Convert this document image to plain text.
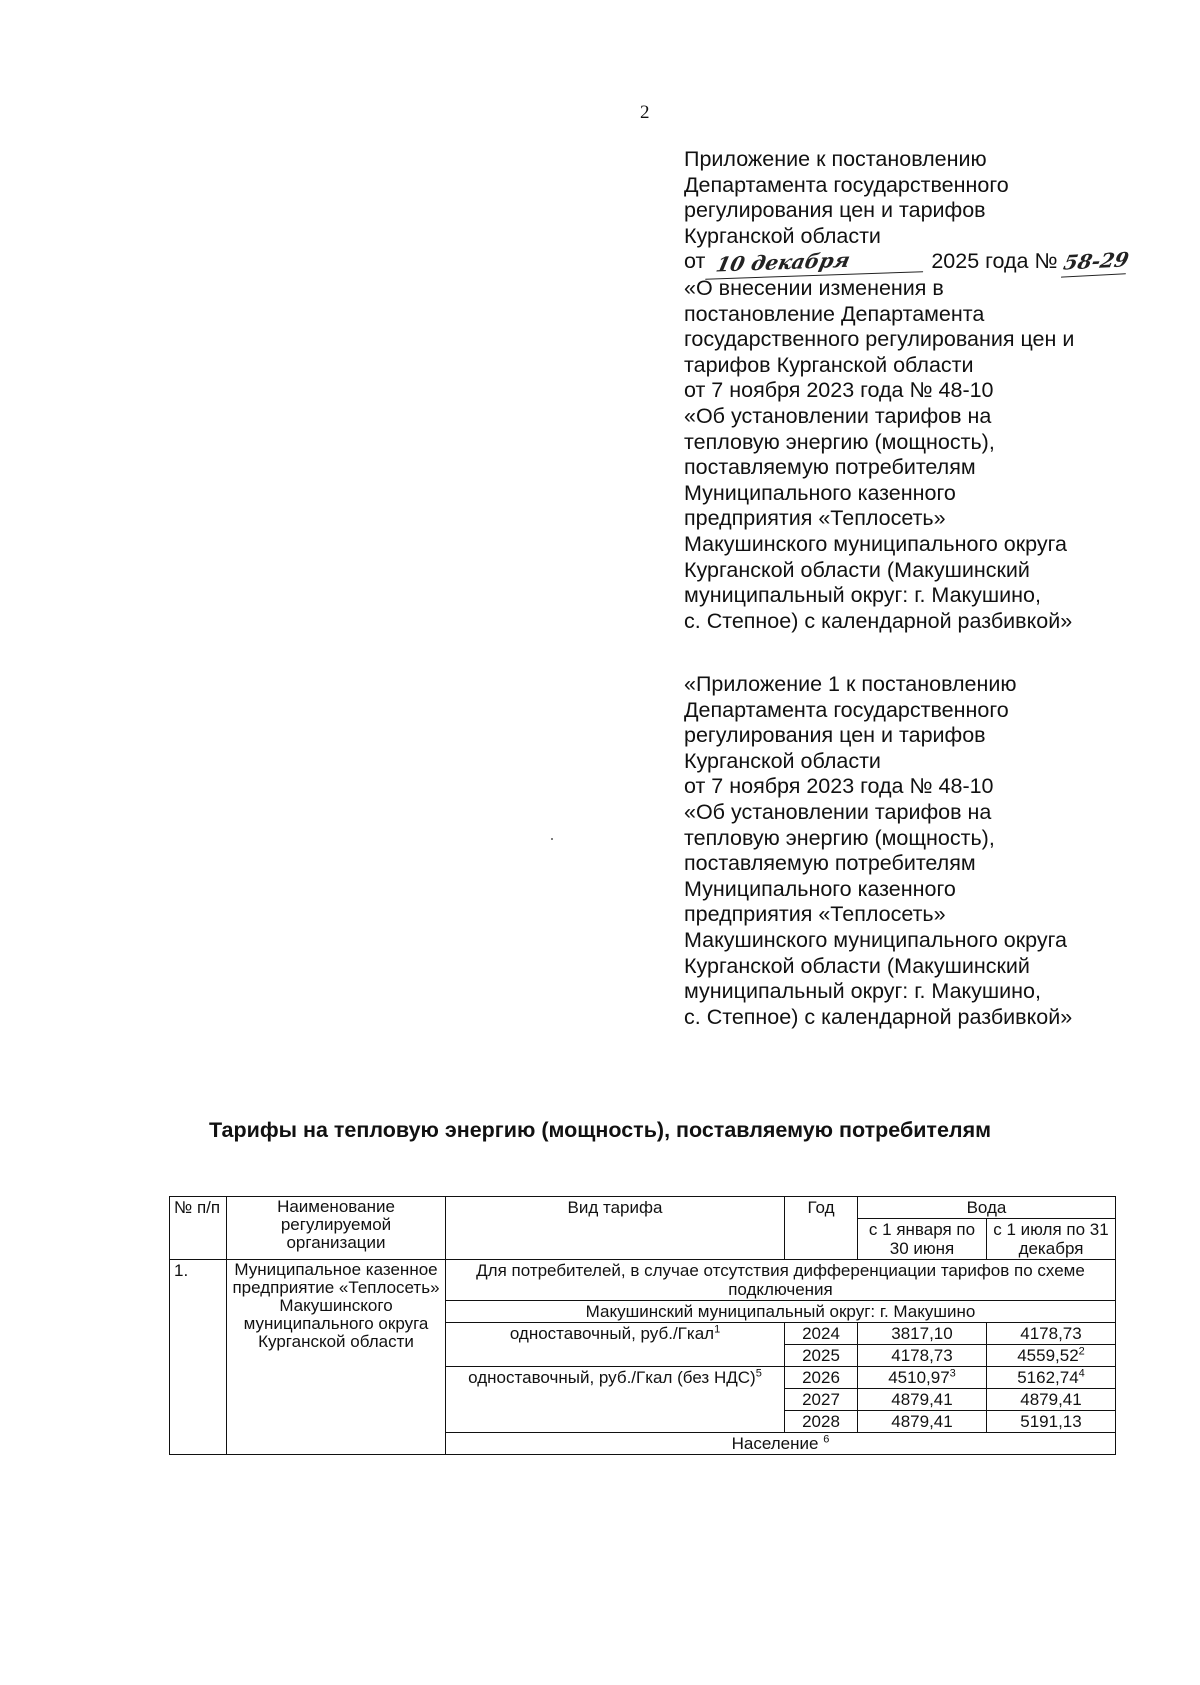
2
Приложение к постановлению
Департамента государственного
регулирования цен и тарифов
Курганской области
от 10 декабря	2025 года № 58-29
«О внесении изменения в
постановление Департамента
государственного регулирования цен и
тарифов Курганской области
от 7 ноября 2023 года № 48-10
«Об установлении тарифов на
тепловую энергию (мощность),
поставляемую потребителям
Муниципального казенного
предприятия «Теплосеть»
Макушинского муниципального округа
Курганской области (Макушинский
муниципальный округ: г. Макушино,
с. Степное) с календарной разбивкой»
«Приложение 1 к постановлению
Департамента государственного
регулирования цен и тарифов
Курганской области
от 7 ноября 2023 года № 48-10
«Об установлении тарифов на
тепловую энергию (мощность),
поставляемую потребителям
Муниципального казенного
предприятия «Теплосеть»
Макушинского муниципального округа
Курганской области (Макушинский
муниципальный округ: г. Макушино,
с. Степное) с календарной разбивкой»
Тарифы на тепловую энергию (мощность), поставляемую потребителям
№ п/п	Наименование регулируемой организации	Вид тарифа	Год	Вода	
				с 1 января по 30 июня	с 1 июля по 31 декабря
1.	Муниципальное казенное предприятие «Теплосеть» Макушинского муниципального округа Курганской области	Для потребителей, в случае отсутствия дифференциации тарифов по схеме подключения			
		Макушинский муниципальный округ: г. Макушино			
		одноставочный, руб./Гкал$^1$	2024	3817,10	4178,73
			2025	4178,73	4559,52$^2$
		одноставочный, руб./Гкал (без НДС)$^5$	2026	4510,97$^3$	5162,74$^4$
			2027	4879,41	4879,41
			2028	4879,41	5191,13
		Население $^6$
